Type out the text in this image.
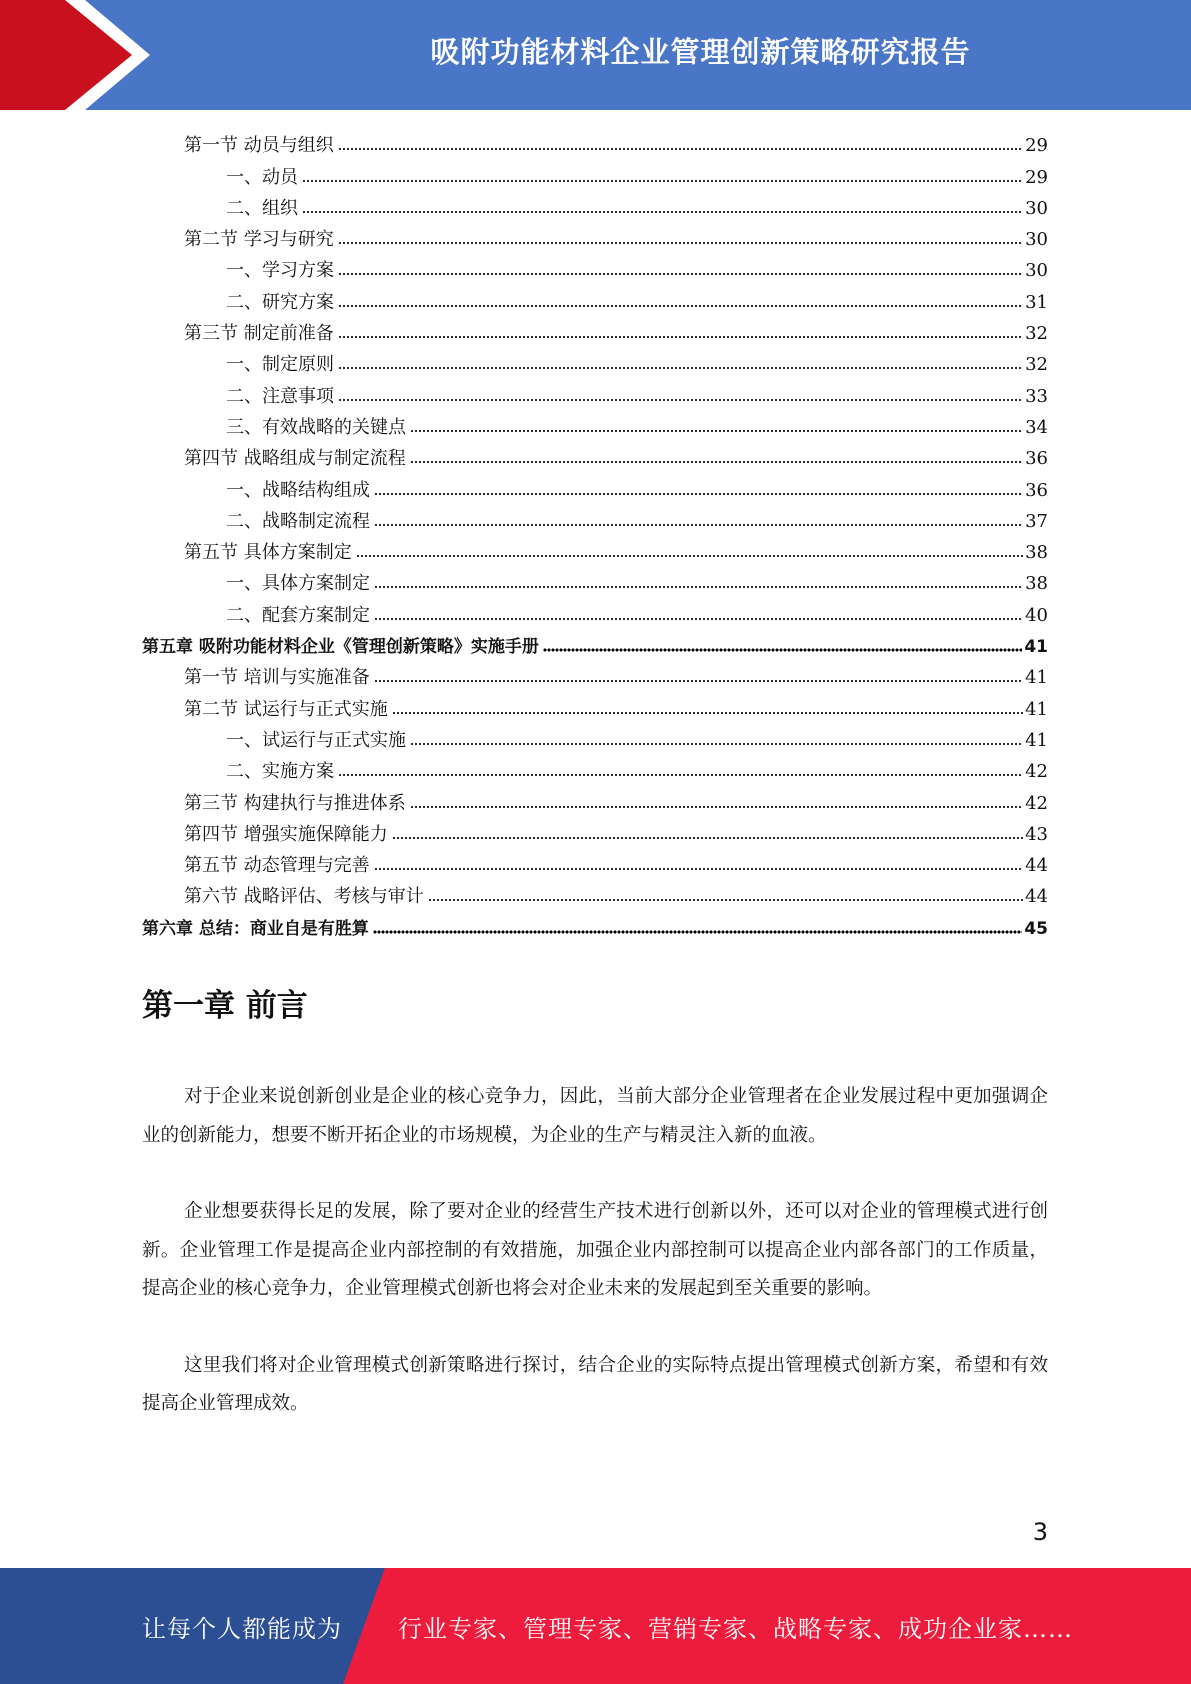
吸附功能材料企业管理创新策略研究报告
第一节 动员与组织	29
一、动员	29
二、组织	30
第二节 学习与研究	30
一、学习方案	30
二、研究方案	31
第三节 制定前准备	32
一、制定原则	32
二、注意事项	33
三、有效战略的关键点	34
第四节 战略组成与制定流程	36
一、战略结构组成	36
二、战略制定流程	37
第五节 具体方案制定	38
一、具体方案制定	38
二、配套方案制定	40
第五章 吸附功能材料企业《管理创新策略》实施手册	41
第一节 培训与实施准备	41
第二节 试运行与正式实施	41
一、试运行与正式实施	41
二、实施方案	42
第三节 构建执行与推进体系	42
第四节 增强实施保障能力	43
第五节 动态管理与完善	44
第六节 战略评估、考核与审计	44
第六章 总结：商业自是有胜算	45
第一章 前言

对于企业来说创新创业是企业的核心竞争力，因此，当前大部分企业管理者在企业发展过程中更加强调企业的创新能力，想要不断开拓企业的市场规模，为企业的生产与精灵注入新的血液。

企业想要获得长足的发展，除了要对企业的经营生产技术进行创新以外，还可以对企业的管理模式进行创新。企业管理工作是提高企业内部控制的有效措施，加强企业内部控制可以提高企业内部各部门的工作质量，提高企业的核心竞争力，企业管理模式创新也将会对企业未来的发展起到至关重要的影响。

这里我们将对企业管理模式创新策略进行探讨，结合企业的实际特点提出管理模式创新方案，希望和有效提高企业管理成效。

3
让每个人都能成为 行业专家、管理专家、营销专家、战略专家、成功企业家……
